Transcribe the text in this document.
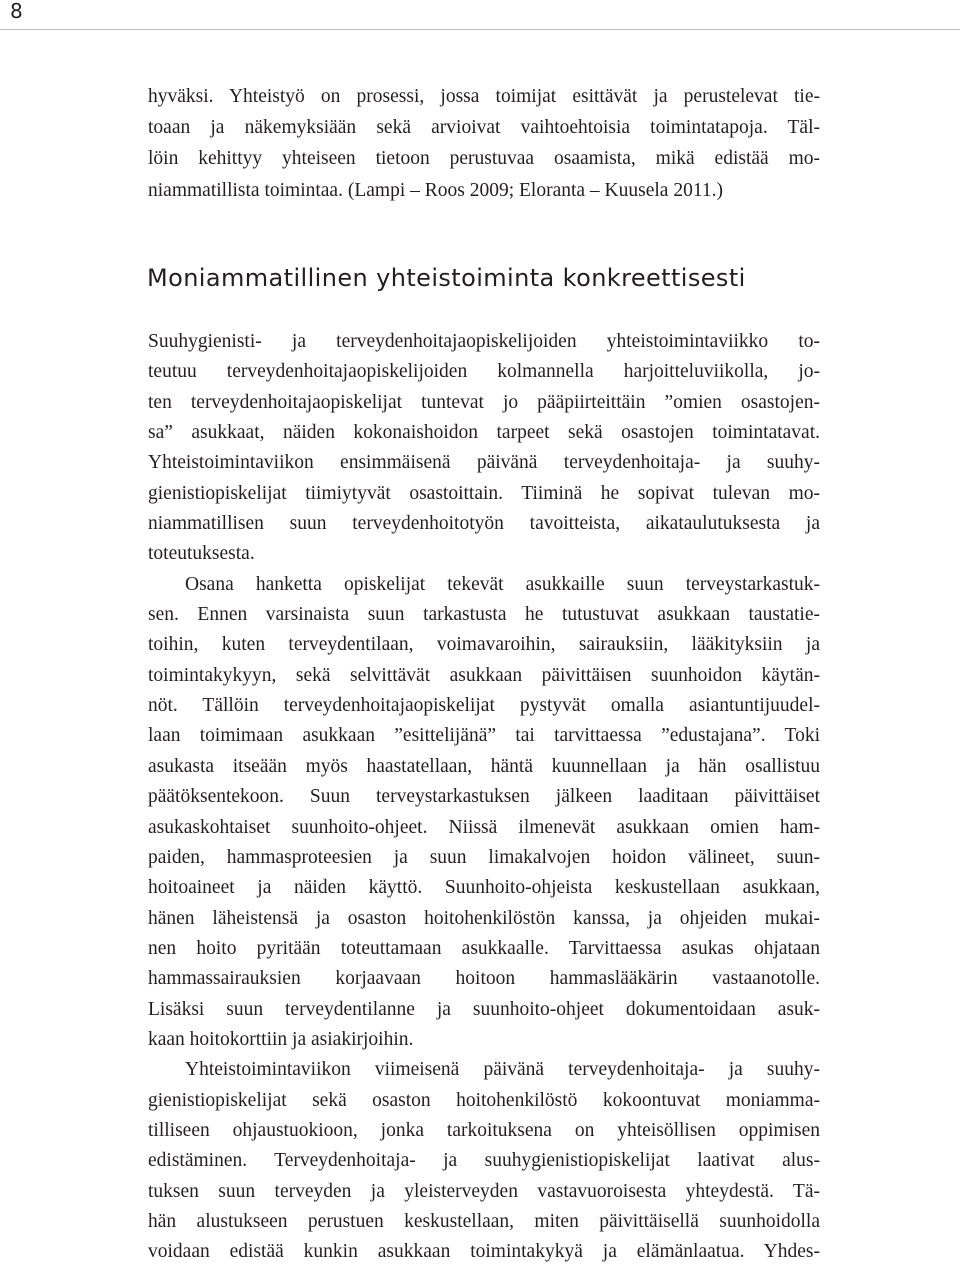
8
hyväksi. Yhteistyö on prosessi, jossa toimijat esittävät ja perustelevat tie-
toaan ja näkemyksiään sekä arvioivat vaihtoehtoisia toimintatapoja. Täl-
löin kehittyy yhteiseen tietoon perustuvaa osaamista, mikä edistää mo-
niammatillista toimintaa. (Lampi – Roos 2009; Eloranta – Kuusela 2011.)
Moniammatillinen yhteistoiminta konkreettisesti
Suuhygienisti- ja terveydenhoitajaopiskelijoiden yhteistoimintaviikko to-
teutuu terveydenhoitajaopiskelijoiden kolmannella harjoitteluviikolla, jo-
ten terveydenhoitajaopiskelijat tuntevat jo pääpiirteittäin ”omien osastojen-
sa” asukkaat, näiden kokonaishoidon tarpeet sekä osastojen toimintatavat.
Yhteistoimintaviikon ensimmäisenä päivänä terveydenhoitaja- ja suuhy-
gienistiopiskelijat tiimiytyvät osastoittain. Tiiminä he sopivat tulevan mo-
niammatillisen suun terveydenhoitotyön tavoitteista, aikataulutuksesta ja
toteutuksesta.
Osana hanketta opiskelijat tekevät asukkaille suun terveystarkastuk-
sen. Ennen varsinaista suun tarkastusta he tutustuvat asukkaan taustatie-
toihin, kuten terveydentilaan, voimavaroihin, sairauksiin, lääkityksiin ja
toimintakykyyn, sekä selvittävät asukkaan päivittäisen suunhoidon käytän-
nöt. Tällöin terveydenhoitajaopiskelijat pystyvät omalla asiantuntijuudel-
laan toimimaan asukkaan ”esittelijänä” tai tarvittaessa ”edustajana”. Toki
asukasta itseään myös haastatellaan, häntä kuunnellaan ja hän osallistuu
päätöksentekoon. Suun terveystarkastuksen jälkeen laaditaan päivittäiset
asukaskohtaiset suunhoito-ohjeet. Niissä ilmenevät asukkaan omien ham-
paiden, hammasproteesien ja suun limakalvojen hoidon välineet, suun-
hoitoaineet ja näiden käyttö. Suunhoito-ohjeista keskustellaan asukkaan,
hänen läheistensä ja osaston hoitohenkilöstön kanssa, ja ohjeiden mukai-
nen hoito pyritään toteuttamaan asukkaalle. Tarvittaessa asukas ohjataan
hammassairauksien korjaavaan hoitoon hammaslääkärin vastaanotolle.
Lisäksi suun terveydentilanne ja suunhoito-ohjeet dokumentoidaan asuk-
kaan hoitokorttiin ja asiakirjoihin.
Yhteistoimintaviikon viimeisenä päivänä terveydenhoitaja- ja suuhy-
gienistiopiskelijat sekä osaston hoitohenkilöstö kokoontuvat moniamma-
tilliseen ohjaustuokioon, jonka tarkoituksena on yhteisöllisen oppimisen
edistäminen. Terveydenhoitaja- ja suuhygienistiopiskelijat laativat alus-
tuksen suun terveyden ja yleisterveyden vastavuoroisesta yhteydestä. Tä-
hän alustukseen perustuen keskustellaan, miten päivittäisellä suunhoidolla
voidaan edistää kunkin asukkaan toimintakykyä ja elämänlaatua. Yhdes-
